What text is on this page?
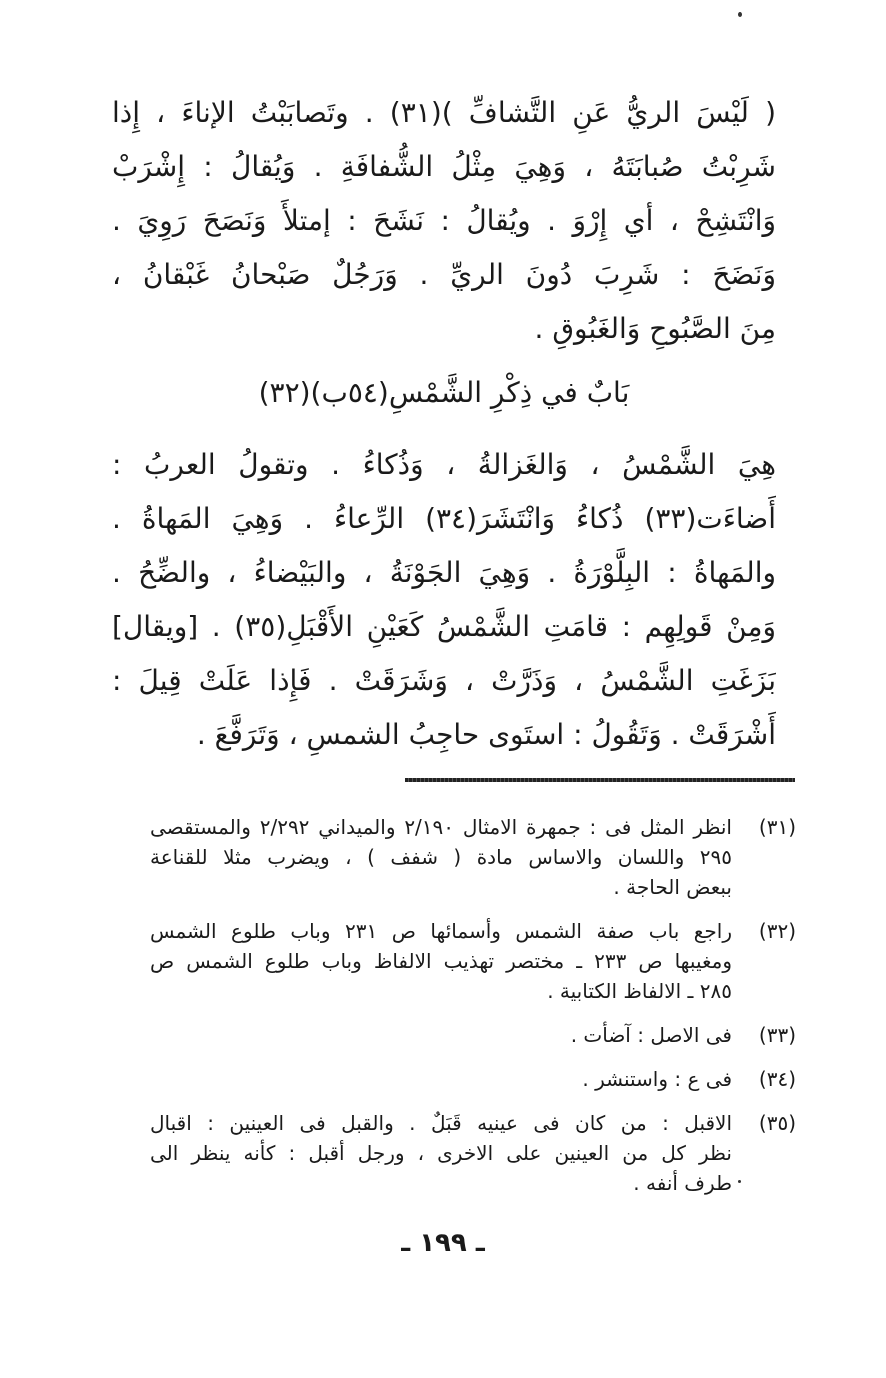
( لَيْسَ الريُّ عَنِ التَّشافِّ )(٣١) . وتَصابَبْتُ الإناءَ ، إِذا
شَرِبْتُ صُبابَتَهُ ، وَهِيَ مِثْلُ الشُّفافَةِ . وَيُقالُ : إِشْرَبْ
وَانْتَشِحْ ، أي إِرْوَ . ويُقالُ : نَشَحَ : إمتلأَ وَنَصَحَ رَوِيَ .
وَنَضَحَ : شَرِبَ دُونَ الريِّ . وَرَجُلٌ صَبْحانُ غَبْقانُ ،
مِنَ الصَّبُوحِ وَالغَبُوقِ .
بَابٌ في ذِكْرِ الشَّمْسِ(٥٤ب)(٣٢)
هِيَ الشَّمْسُ ، وَالغَزالةُ ، وَذُكاءُ . وتقولُ العربُ :
أَضاءَت(٣٣) ذُكاءُ وَانْتَشَرَ(٣٤) الرِّعاءُ . وَهِيَ المَهاةُ .
والمَهاةُ : البِلَّوْرَةُ . وَهِيَ الجَوْنَةُ ، والبَيْضاءُ ، والضِّحُ .
وَمِنْ قَولِهِم : قامَتِ الشَّمْسُ كَعَيْنِ الأَقْبَلِ(٣٥) . [ويقال]
بَزَغَتِ الشَّمْسُ ، وَذَرَّتْ ، وَشَرَقَتْ . فَإِذا عَلَتْ قِيلَ :
أَشْرَقَتْ . وَتَقُولُ : استَوى حاجِبُ الشمسِ ، وَتَرَفَّعَ .
(٣١)
انظر المثل فى : جمهرة الامثال ٢/١٩٠ والميداني ٢/٢٩٢ والمستقصى
٢٩٥ واللسان والاساس مادة ( شفف ) ، ويضرب مثلا للقناعة
ببعض الحاجة .
(٣٢)
راجع باب صفة الشمس وأسمائها ص ٢٣١ وباب طلوع الشمس
ومغيبها ص ٢٣٣ ـ مختصر تهذيب الالفاظ وباب طلوع الشمس ص
٢٨٥ ـ الالفاظ الكتابية .
(٣٣)
فى الاصل : آضأت .
(٣٤)
فى ع : واستنشر .
(٣٥)
الاقبل : من كان فى عينيه قَبَلٌ . والقبل فى العينين : اقبال
نظر كل من العينين على الاخرى ، ورجل أقبل : كأنه ينظر الى
طرف أنفه .
ـ ١٩٩ ـ
